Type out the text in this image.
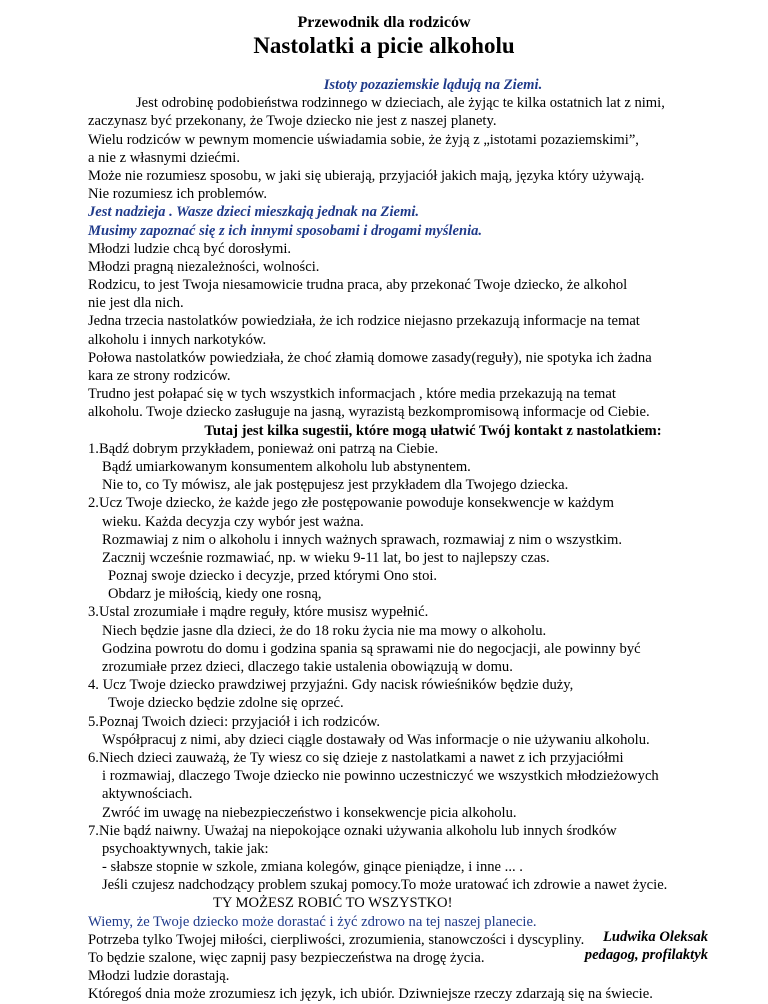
Przewodnik dla rodziców
Nastolatki a picie alkoholu
Istoty pozaziemskie lądują na Ziemi.
Jest odrobinę podobieństwa rodzinnego w dzieciach, ale żyjąc te kilka ostatnich lat z nimi,
zaczynasz być przekonany, że Twoje dziecko nie jest z naszej planety.
Wielu rodziców w pewnym momencie uświadamia sobie, że żyją z „istotami pozaziemskimi”,
a nie z własnymi dziećmi.
Może nie rozumiesz sposobu, w jaki się ubierają, przyjaciół jakich mają, języka który używają.
Nie rozumiesz ich problemów.
Jest nadzieja . Wasze dzieci mieszkają jednak na Ziemi.
Musimy zapoznać się z ich innymi sposobami i drogami myślenia.
Młodzi ludzie chcą być dorosłymi.
Młodzi pragną niezależności, wolności.
Rodzicu, to jest Twoja niesamowicie trudna praca, aby przekonać Twoje dziecko, że alkohol
nie jest dla nich.
Jedna trzecia nastolatków powiedziała, że ich rodzice niejasno przekazują informacje na temat
alkoholu i innych narkotyków.
Połowa nastolatków powiedziała, że choć złamią domowe zasady(reguły), nie spotyka ich żadna
kara ze strony rodziców.
Trudno jest połapać się w tych wszystkich informacjach , które media przekazują na temat
alkoholu. Twoje dziecko zasługuje na jasną, wyrazistą bezkompromisową informacje od Ciebie.
Tutaj jest kilka sugestii, które mogą ułatwić Twój kontakt z nastolatkiem:
1.Bądź dobrym przykładem, ponieważ oni patrzą na Ciebie.
Bądź umiarkowanym konsumentem alkoholu lub abstynentem.
Nie to, co Ty mówisz, ale jak postępujesz jest przykładem dla Twojego dziecka.
2.Ucz Twoje dziecko, że każde jego złe postępowanie powoduje konsekwencje w każdym
wieku. Każda decyzja czy wybór jest ważna.
Rozmawiaj z nim o alkoholu i innych ważnych sprawach, rozmawiaj z nim o wszystkim.
Zacznij wcześnie rozmawiać, np. w wieku 9-11 lat, bo jest to najlepszy czas.
Poznaj swoje dziecko i decyzje, przed którymi Ono stoi.
Obdarz je miłością, kiedy one rosną,
3.Ustal zrozumiałe i mądre reguły, które musisz wypełnić.
Niech będzie jasne dla dzieci, że do 18 roku życia nie ma mowy o alkoholu.
Godzina powrotu do domu i godzina spania są sprawami nie do negocjacji, ale powinny być
zrozumiałe przez dzieci, dlaczego takie ustalenia obowiązują w domu.
4. Ucz Twoje dziecko prawdziwej przyjaźni. Gdy nacisk rówieśników będzie duży,
Twoje dziecko będzie zdolne się oprzeć.
5.Poznaj Twoich dzieci: przyjaciół i ich rodziców.
Współpracuj z nimi, aby dzieci ciągle dostawały od Was informacje o nie używaniu alkoholu.
6.Niech dzieci zauważą, że Ty wiesz co się dzieje z nastolatkami a nawet z ich przyjaciółmi
i rozmawiaj, dlaczego Twoje dziecko nie powinno uczestniczyć we wszystkich młodzieżowych
aktywnościach.
Zwróć im uwagę na niebezpieczeństwo i konsekwencje picia alkoholu.
7.Nie bądź naiwny. Uważaj na niepokojące oznaki używania alkoholu lub innych środków
psychoaktywnych, takie jak:
- słabsze stopnie w szkole, zmiana kolegów, ginące pieniądze, i inne ... .
Jeśli czujesz nadchodzący problem szukaj pomocy.To może uratować ich zdrowie a nawet życie.
TY MOŻESZ ROBIĆ TO WSZYSTKO!
Wiemy, że Twoje dziecko może dorastać i żyć zdrowo na tej naszej planecie.
Potrzeba tylko Twojej miłości, cierpliwości, zrozumienia, stanowczości i dyscypliny.
To będzie szalone, więc zapnij pasy bezpieczeństwa na drogę życia.
Młodzi ludzie dorastają.
Któregoś dnia może zrozumiesz ich język, ich ubiór. Dziwniejsze rzeczy zdarzają się na świecie.
Ludwika Oleksak
pedagog, profilaktyk
